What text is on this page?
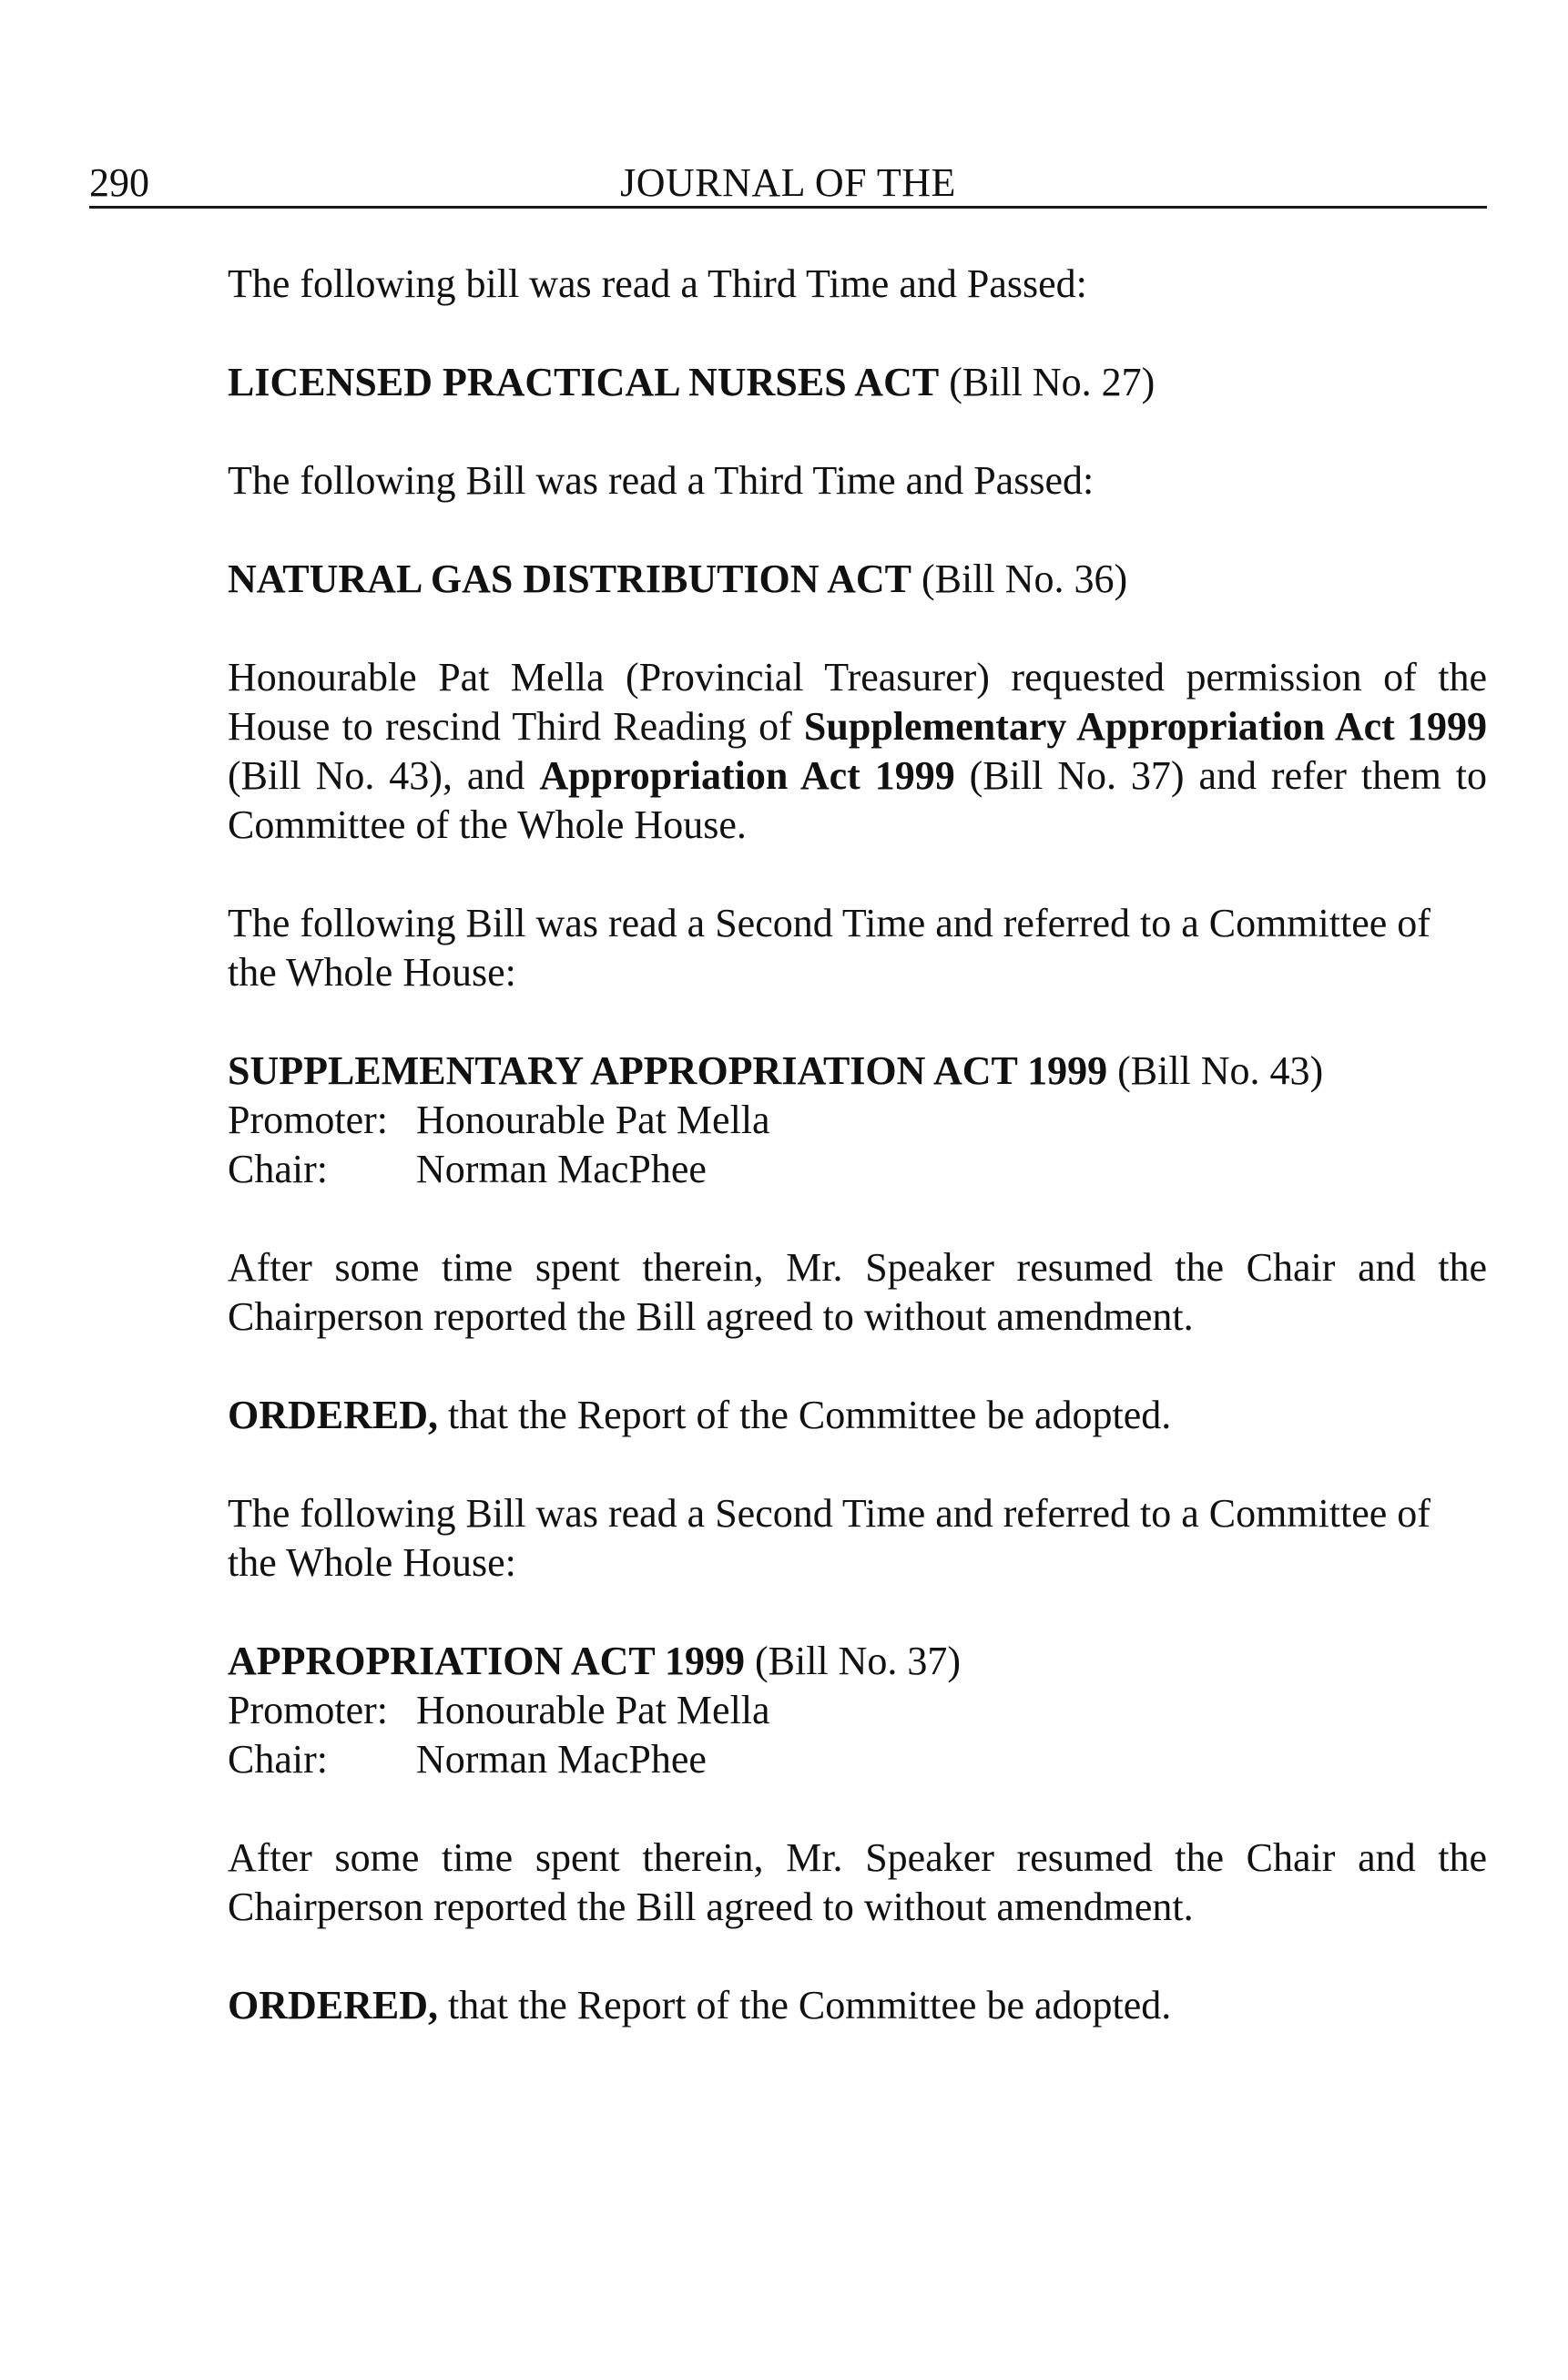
290	JOURNAL OF THE

The following bill was read a Third Time and Passed:

LICENSED PRACTICAL NURSES ACT (Bill No. 27)

The following Bill was read a Third Time and Passed:

NATURAL GAS DISTRIBUTION ACT (Bill No. 36)

Honourable Pat Mella (Provincial Treasurer) requested permission of the House to rescind Third Reading of Supplementary Appropriation Act 1999 (Bill No. 43), and Appropriation Act 1999 (Bill No. 37) and refer them to Committee of the Whole House.

The following Bill was read a Second Time and referred to a Committee of the Whole House:

SUPPLEMENTARY APPROPRIATION ACT 1999 (Bill No. 43)
Promoter: Honourable Pat Mella
Chair:	Norman MacPhee

After some time spent therein, Mr. Speaker resumed the Chair and the Chairperson reported the Bill agreed to without amendment.

ORDERED, that the Report of the Committee be adopted.

The following Bill was read a Second Time and referred to a Committee of the Whole House:

APPROPRIATION ACT 1999 (Bill No. 37)
Promoter: Honourable Pat Mella
Chair:	Norman MacPhee

After some time spent therein, Mr. Speaker resumed the Chair and the Chairperson reported the Bill agreed to without amendment.

ORDERED, that the Report of the Committee be adopted.
